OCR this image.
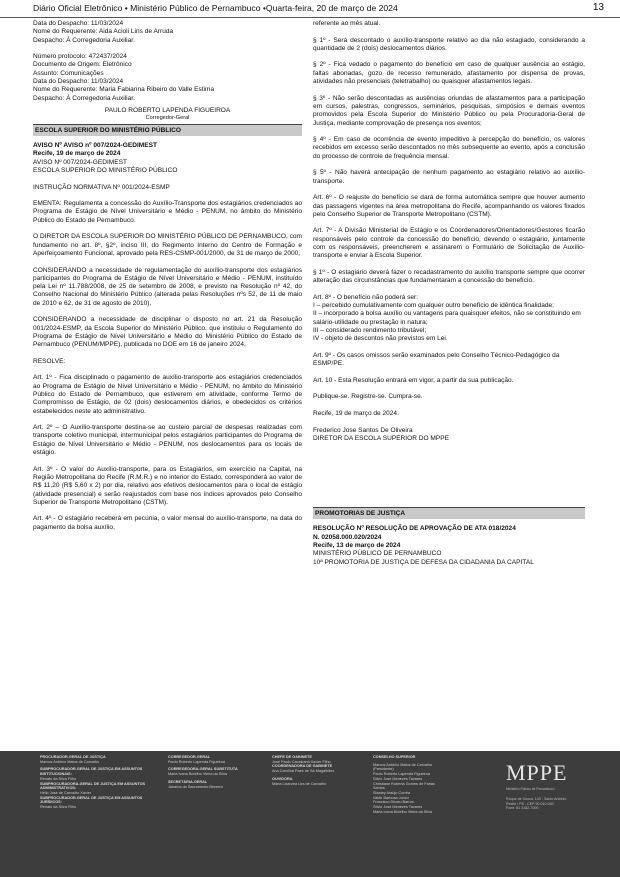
Diário Oficial Eletrônico • Ministério Público de Pernambuco •Quarta-feira, 20 de março de 2024	13

Data do Despacho: 11/03/2024

Nome do Requerente: Aida Acioli Lins de Arruda

Despacho: À Corregedoria Auxiliar.

Número protocolo: 472437/2024

Documento de Origem: Eletrônico

Assunto: Comunicações

Data do Despacho: 11/03/2024

Nome do Requerente: Maria Fabianna Ribeiro do Valle Estima

Despacho: À Corregedoria Auxiliar.

PAULO ROBERTO LAPENDA FIGUEIROA

Corregedor-Geral

ESCOLA SUPERIOR DO MINISTÉRIO PÚBLICO

AVISO Nº AVISO nº 007/2024-GEDIMEST

Recife, 19 de março de 2024

AVISO Nº 007/2024-GEDIMEST

ESCOLA SUPERIOR DO MINISTÉRIO PÚBLICO

INSTRUÇÃO NORMATIVA Nº 001/2024-ESMP

EMENTA: Regulamenta a concessão do Auxílio-Transporte dos estagiários credenciados ao Programa de Estágio de Nível Universitário e Médio - PENUM, no âmbito do Ministério Público do Estado de Pernambuco.

O DIRETOR DA ESCOLA SUPERIOR DO MINISTÉRIO PÚBLICO DE PERNAMBUCO, com fundamento no art. 8º, §2º, inciso III, do Regimento Interno do Centro de Formação e Aperfeiçoamento Funcional, aprovado pela RES-CSMP-001/2000, de 31 de março de 2000,

CONSIDERANDO a necessidade de regulamentação do auxílio-transporte dos estagiários participantes do Programa de Estágio de Nível Universitário e Médio - PENUM, instituído pela Lei nº 11.788/2008, de 25 de setembro de 2008, e previsto na Resolução nº 42, do Conselho Nacional do Ministério Público (alterada pelas Resoluções nºs 52, de 11 de maio de 2010 e 62, de 31 de agosto de 2010),

CONSIDERANDO a necessidade de disciplinar o disposto no art. 21 da Resolução 001/2024-ESMP, da Escola Superior do Ministério Público, que instituiu o Regulamento do Programa de Estágio de Nível Universitário e Médio do Ministério Público do Estado de Pernambuco (PENUM/MPPE), publicada no DOE em 16 de janeiro 2024,

RESOLVE:

Art. 1º - Fica disciplinado o pagamento de auxílio-transporte aos estagiários credenciados ao Programa de Estágio de Nível Universitário e Médio - PENUM, no âmbito do Ministério Público do Estado de Pernambuco, que estiverem em atividade, conforme Termo de Compromisso de Estágio, de 02 (dois) deslocamentos diários, e obedecidos os critérios estabelecidos neste ato administrativo.

Art. 2º – O Auxílio-transporte destina-se ao custeio parcial de despesas realizadas com transporte coletivo municipal, intermunicipal pelos estagiários participantes do Programa de Estágio de Nível Universitário e Médio - PENUM, nos deslocamentos para os locais de estágio.

Art. 3º - O valor do Auxílio-transporte, para os Estagiários, em exercício na Capital, na Região Metropolitana do Recife (R.M.R.) e no interior do Estado, corresponderá ao valor de R$ 11,20 (R$ 5,60 x 2) por dia, relativo aos efetivos deslocamentos para o local de estágio (atividade presencial) e serão reajustados com base nos índices aprovados pelo Conselho Superior de Transporte Metropolitano (CSTM).

Art. 4º - O estagiário receberá em pecúnia, o valor mensal do auxílio-transporte, na data do pagamento da bolsa auxílio,

referente ao mês atual.

§ 1º - Será descontado o auxílio-transporte relativo ao dia não estagiado, considerando a quantidade de 2 (dois) deslocamentos diários.

§ 2º - Fica vedado o pagamento do benefício em caso de qualquer ausência ao estágio, faltas abonadas, gozo de recesso remunerado, afastamento por dispensa de provas, atividades não presenciais (teletrabalho) ou quaisquer afastamentos legais.

§ 3º - Não serão descontadas as ausências oriundas de afastamentos para a participação em cursos, palestras, congressos, seminários, pesquisas, simpósios e demais eventos promovidos pela Escola Superior do Ministério Público ou pela Procuradoria-Geral de Justiça, mediante comprovação de presença nos eventos;

§ 4º - Em caso de ocorrência de evento impeditivo à percepção do benefício, os valores recebidos em excesso serão descontados no mês subsequente ao evento, após a conclusão do processo de controle de frequência mensal.

§ 5º - Não haverá antecipação de nenhum pagamento ao estagiário relativo ao auxílio-transporte.

Art. 6º - O reajuste do benefício se dará de forma automática sempre que houver aumento das passagens vigentes na área metropolitana do Recife, acompanhando os valores fixados pelo Conselho Superior de Transporte Metropolitano (CSTM).

Art. 7º - A Divisão Ministerial de Estágio e os Coordenadores/Orientadores/Gestores ficarão responsáveis pelo controle da concessão do benefício, devendo o estagiário, juntamente com os responsáveis, preencherem e assinarem o Formulário de Solicitação de Auxílio-transporte e enviar à Escola Superior.

§ 1º - O estagiário deverá fazer o recadastramento do auxílio transporte sempre que ocorrer alteração das circunstâncias que fundamentaram a concessão do benefício.

Art. 8º - O benefício não poderá ser:

I – percebido cumulativamente com qualquer outro benefício de idêntica finalidade;

II – incorporado a bolsa auxílio ou vantagens para quaisquer efeitos, não se constituindo em salário-utilidade ou prestação in natura;

III – considerado rendimento tributável;

IV - objeto de descontos não previstos em Lei.

Art. 9º - Os casos omissos serão examinados pelo Conselho Técnico-Pedagógico da ESMP/PE.

Art. 10 - Esta Resolução entrará em vigor, a partir da sua publicação.

Publique-se. Registre-se. Cumpra-se.

Recife, 19 de março de 2024.

Frederico Jose Santos De Oliveira

DIRETOR DA ESCOLA SUPERIOR DO MPPE

PROMOTORIAS DE JUSTIÇA

RESOLUÇÃO Nº RESOLUÇÃO DE APROVAÇÃO DE ATA 018/2024

N. 02058.000.020/2024

Recife, 13 de março de 2024

MINISTÉRIO PÚBLICO DE PERNAMBUCO

10ª PROMOTORIA DE JUSTIÇA DE DEFESA DA CIDADANIA DA CAPITAL

PROCURADOR-GERAL DE JUSTIÇA
Marcos Antônio Matos de Carvalho
SUBPROCURADOR-GERAL DE JUSTIÇA EM ASSUNTOS INSTITUCIONAIS:
Renato da Silva Filho
SUBPROCURADORA-GERAL DE JUSTIÇA EM ASSUNTOS ADMINISTRATIVOS:
Hélio José de Carvalho Xavier
SUBPROCURADOR-GERAL DE JUSTIÇA EM ASSUNTOS JURÍDICOS:
Renato da Silva Filho
CORREGEDOR-GERAL
Paulo Roberto Lapenda Figueiroa
CORREGEDORA-GERAL SUBSTITUTA
Maria Ivana Botelho Vieira da Silva
SECRETÁRIA-GERAL
Janaína do Sacramento Bezerra
CHEFE DE GABINETE
José Paulo Cavalcanti Xavier Filho
COORDENADORA DE GABINETE
Ana Carolina Paes de Sá Magalhães
OUVIDORA
Maria Lizandra Lira de Carvalho
CONSELHO SUPERIOR
Marcos Antônio Matos de Carvalho
(Presidente)
Paulo Roberto Lapenda Figueiroa
Sílvio José Menezes Tavares
Christiane Roberta Gomes de Farias
Santos
Stanley Araújo Corrêa
Valdir Barbosa Junior
Francisco Dirceu Barros
Sílvio José Menezes Tavares
Maria Ivana Botelho Vieira da Silva
MPPE
Ministério Público de Pernambuco
Roque de Souza, 143 - Santo Antônio
Recife / PE - CEP 50.010-040
Fone: 81 3182-7000
